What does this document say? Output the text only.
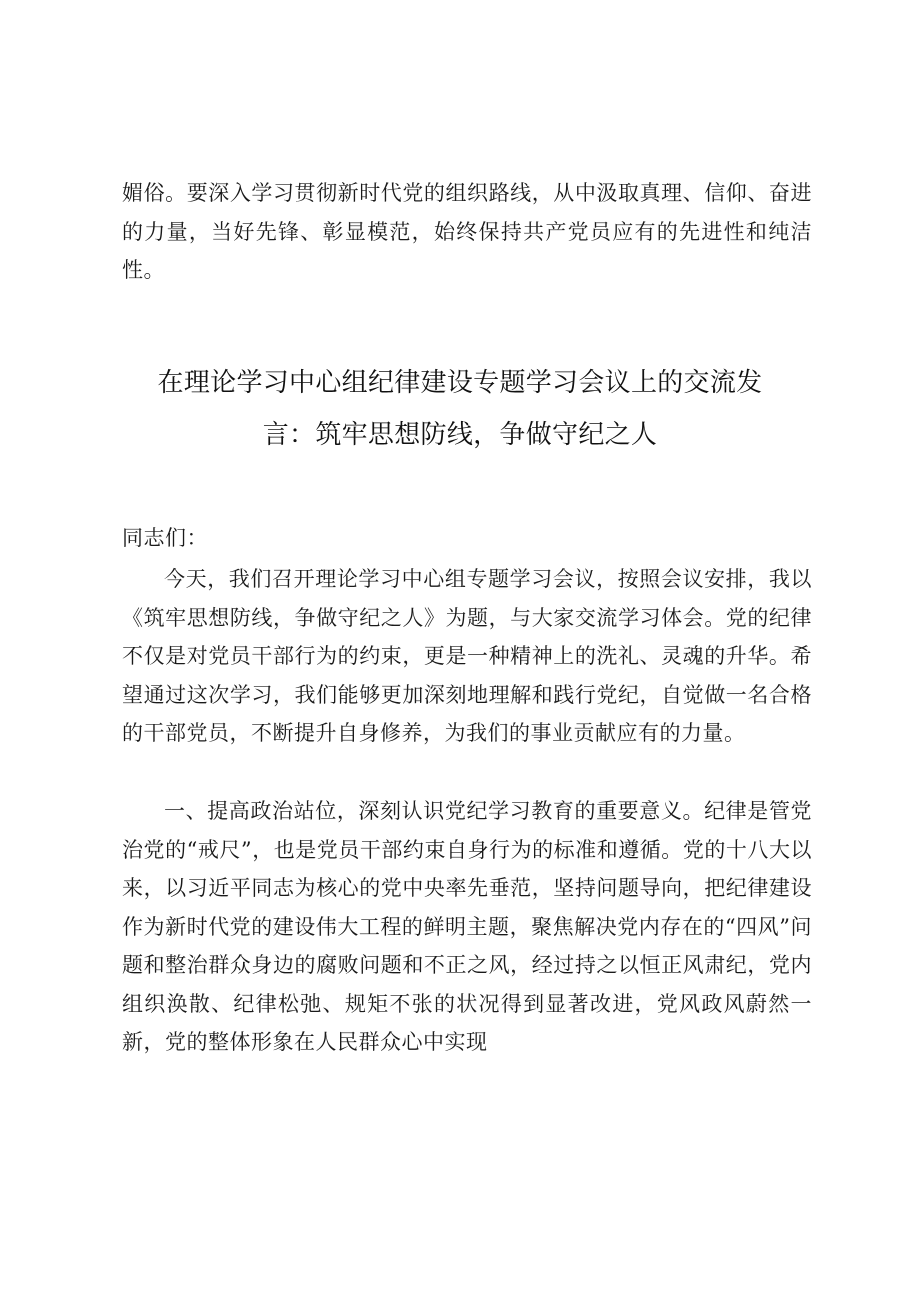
媚俗。要深入学习贯彻新时代党的组织路线，从中汲取真理、信仰、奋进的力量，当好先锋、彰显模范，始终保持共产党员应有的先进性和纯洁性。

在理论学习中心组纪律建设专题学习会议上的交流发
言：筑牢思想防线，争做守纪之人
同志们：

今天，我们召开理论学习中心组专题学习会议，按照会议安排，我以《筑牢思想防线，争做守纪之人》为题，与大家交流学习体会。党的纪律不仅是对党员干部行为的约束，更是一种精神上的洗礼、灵魂的升华。希望通过这次学习，我们能够更加深刻地理解和践行党纪，自觉做一名合格的干部党员，不断提升自身修养，为我们的事业贡献应有的力量。

一、提高政治站位，深刻认识党纪学习教育的重要意义。纪律是管党治党的“戒尺”，也是党员干部约束自身行为的标准和遵循。党的十八大以来，以习近平同志为核心的党中央率先垂范，坚持问题导向，把纪律建设作为新时代党的建设伟大工程的鲜明主题，聚焦解决党内存在的“四风”问题和整治群众身边的腐败问题和不正之风，经过持之以恒正风肃纪，党内组织涣散、纪律松弛、规矩不张的状况得到显著改进，党风政风蔚然一新，党的整体形象在人民群众心中实现
